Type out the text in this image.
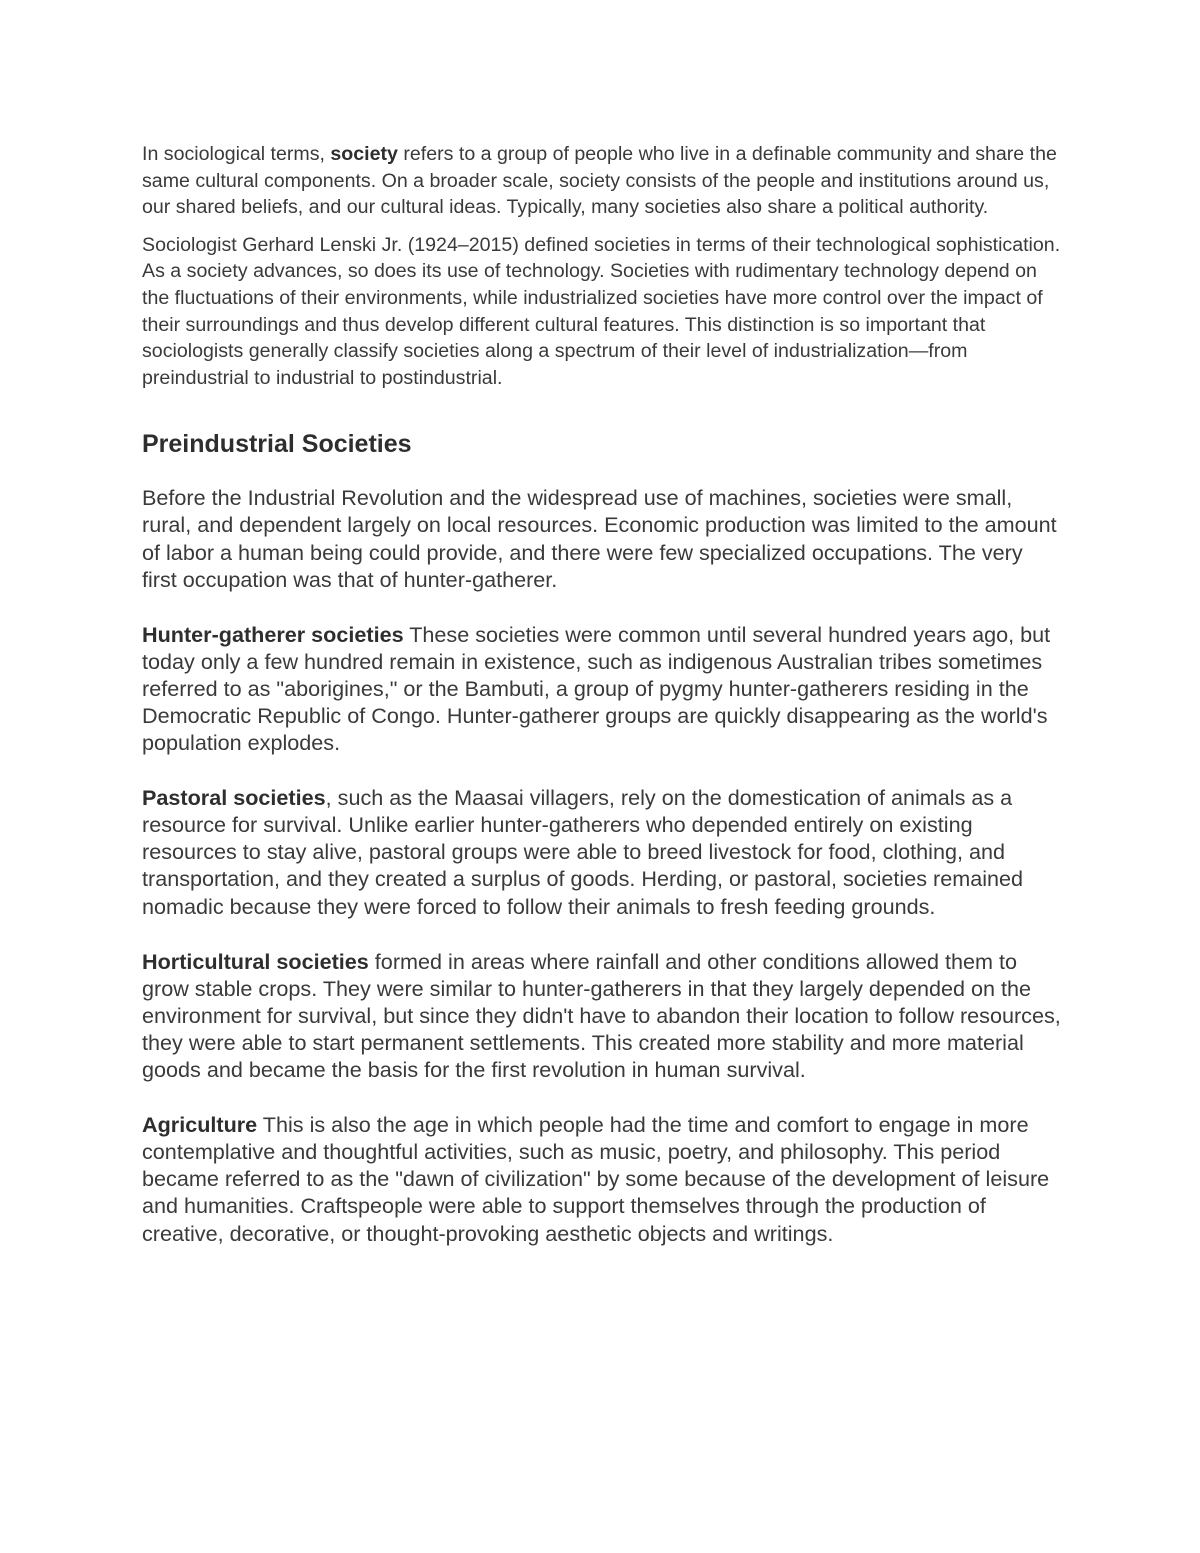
In sociological terms, society refers to a group of people who live in a definable community and share the same cultural components. On a broader scale, society consists of the people and institutions around us, our shared beliefs, and our cultural ideas. Typically, many societies also share a political authority.

Sociologist Gerhard Lenski Jr. (1924–2015) defined societies in terms of their technological sophistication. As a society advances, so does its use of technology. Societies with rudimentary technology depend on the fluctuations of their environments, while industrialized societies have more control over the impact of their surroundings and thus develop different cultural features. This distinction is so important that sociologists generally classify societies along a spectrum of their level of industrialization—from preindustrial to industrial to postindustrial.

Preindustrial Societies

Before the Industrial Revolution and the widespread use of machines, societies were small, rural, and dependent largely on local resources. Economic production was limited to the amount of labor a human being could provide, and there were few specialized occupations. The very first occupation was that of hunter-gatherer.

Hunter-gatherer societies These societies were common until several hundred years ago, but today only a few hundred remain in existence, such as indigenous Australian tribes sometimes referred to as "aborigines," or the Bambuti, a group of pygmy hunter-gatherers residing in the Democratic Republic of Congo. Hunter-gatherer groups are quickly disappearing as the world's population explodes.

Pastoral societies, such as the Maasai villagers, rely on the domestication of animals as a resource for survival. Unlike earlier hunter-gatherers who depended entirely on existing resources to stay alive, pastoral groups were able to breed livestock for food, clothing, and transportation, and they created a surplus of goods. Herding, or pastoral, societies remained nomadic because they were forced to follow their animals to fresh feeding grounds.

Horticultural societies formed in areas where rainfall and other conditions allowed them to grow stable crops. They were similar to hunter-gatherers in that they largely depended on the environment for survival, but since they didn't have to abandon their location to follow resources, they were able to start permanent settlements. This created more stability and more material goods and became the basis for the first revolution in human survival.

Agriculture This is also the age in which people had the time and comfort to engage in more contemplative and thoughtful activities, such as music, poetry, and philosophy. This period became referred to as the "dawn of civilization" by some because of the development of leisure and humanities. Craftspeople were able to support themselves through the production of creative, decorative, or thought-provoking aesthetic objects and writings.
